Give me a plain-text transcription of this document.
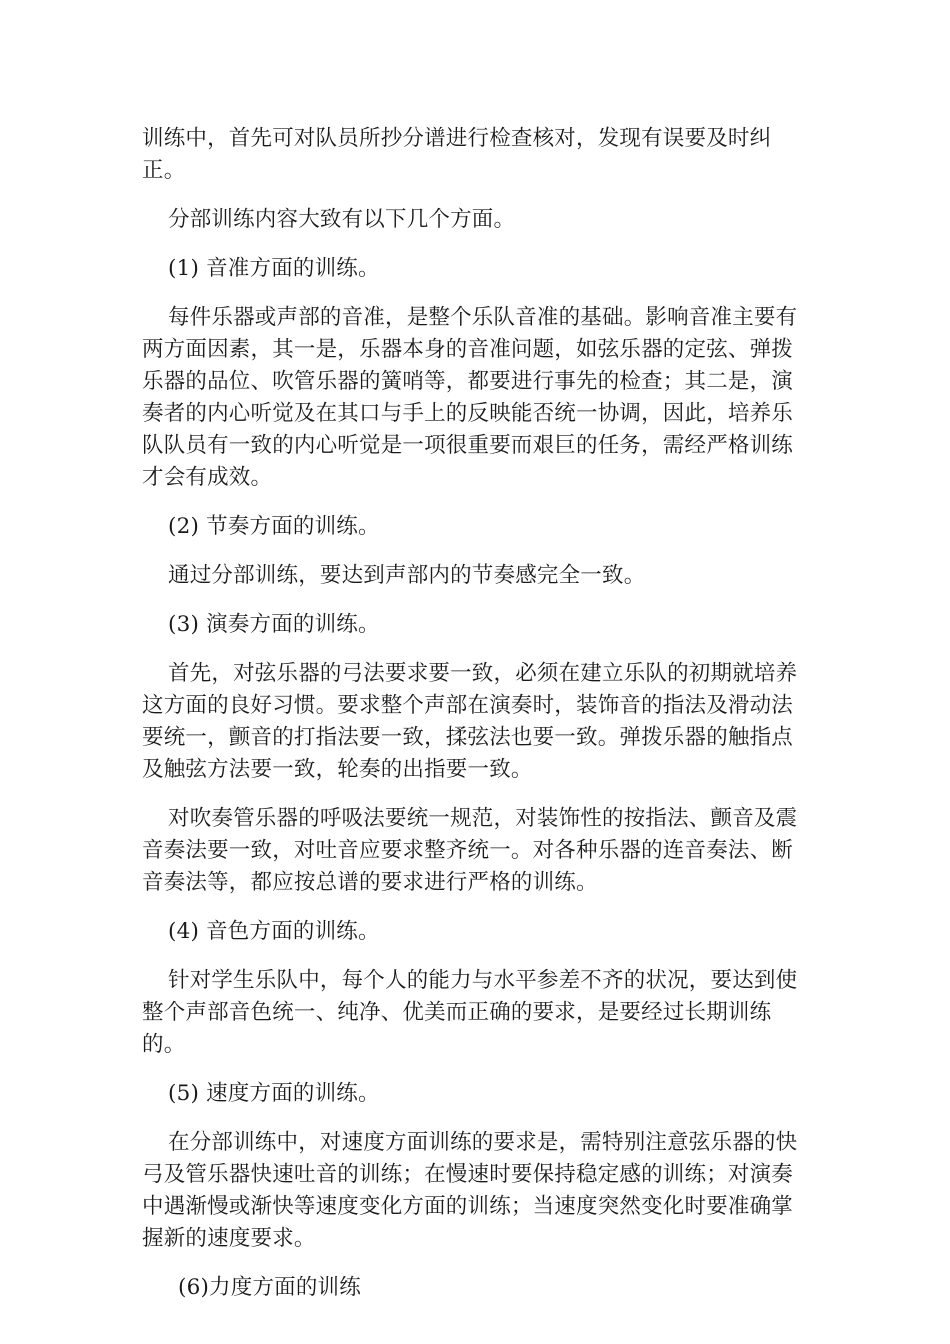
训练中，首先可对队员所抄分谱进行检查核对，发现有误要及时纠正。

分部训练内容大致有以下几个方面。

(1) 音准方面的训练。

每件乐器或声部的音准，是整个乐队音准的基础。影响音准主要有两方面因素，其一是，乐器本身的音准问题，如弦乐器的定弦、弹拨乐器的品位、吹管乐器的簧哨等，都要进行事先的检查；其二是，演奏者的内心听觉及在其口与手上的反映能否统一协调，因此，培养乐队队员有一致的内心听觉是一项很重要而艰巨的任务，需经严格训练才会有成效。

(2) 节奏方面的训练。

通过分部训练，要达到声部内的节奏感完全一致。

(3) 演奏方面的训练。

首先，对弦乐器的弓法要求要一致，必须在建立乐队的初期就培养这方面的良好习惯。要求整个声部在演奏时，装饰音的指法及滑动法要统一，颤音的打指法要一致，揉弦法也要一致。弹拨乐器的触指点及触弦方法要一致，轮奏的出指要一致。

对吹奏管乐器的呼吸法要统一规范，对装饰性的按指法、颤音及震音奏法要一致，对吐音应要求整齐统一。对各种乐器的连音奏法、断音奏法等，都应按总谱的要求进行严格的训练。

(4) 音色方面的训练。

针对学生乐队中，每个人的能力与水平参差不齐的状况，要达到使整个声部音色统一、纯净、优美而正确的要求，是要经过长期训练的。

(5) 速度方面的训练。

在分部训练中，对速度方面训练的要求是，需特别注意弦乐器的快弓及管乐器快速吐音的训练；在慢速时要保持稳定感的训练；对演奏中遇渐慢或渐快等速度变化方面的训练；当速度突然变化时要准确掌握新的速度要求。

(6)力度方面的训练
